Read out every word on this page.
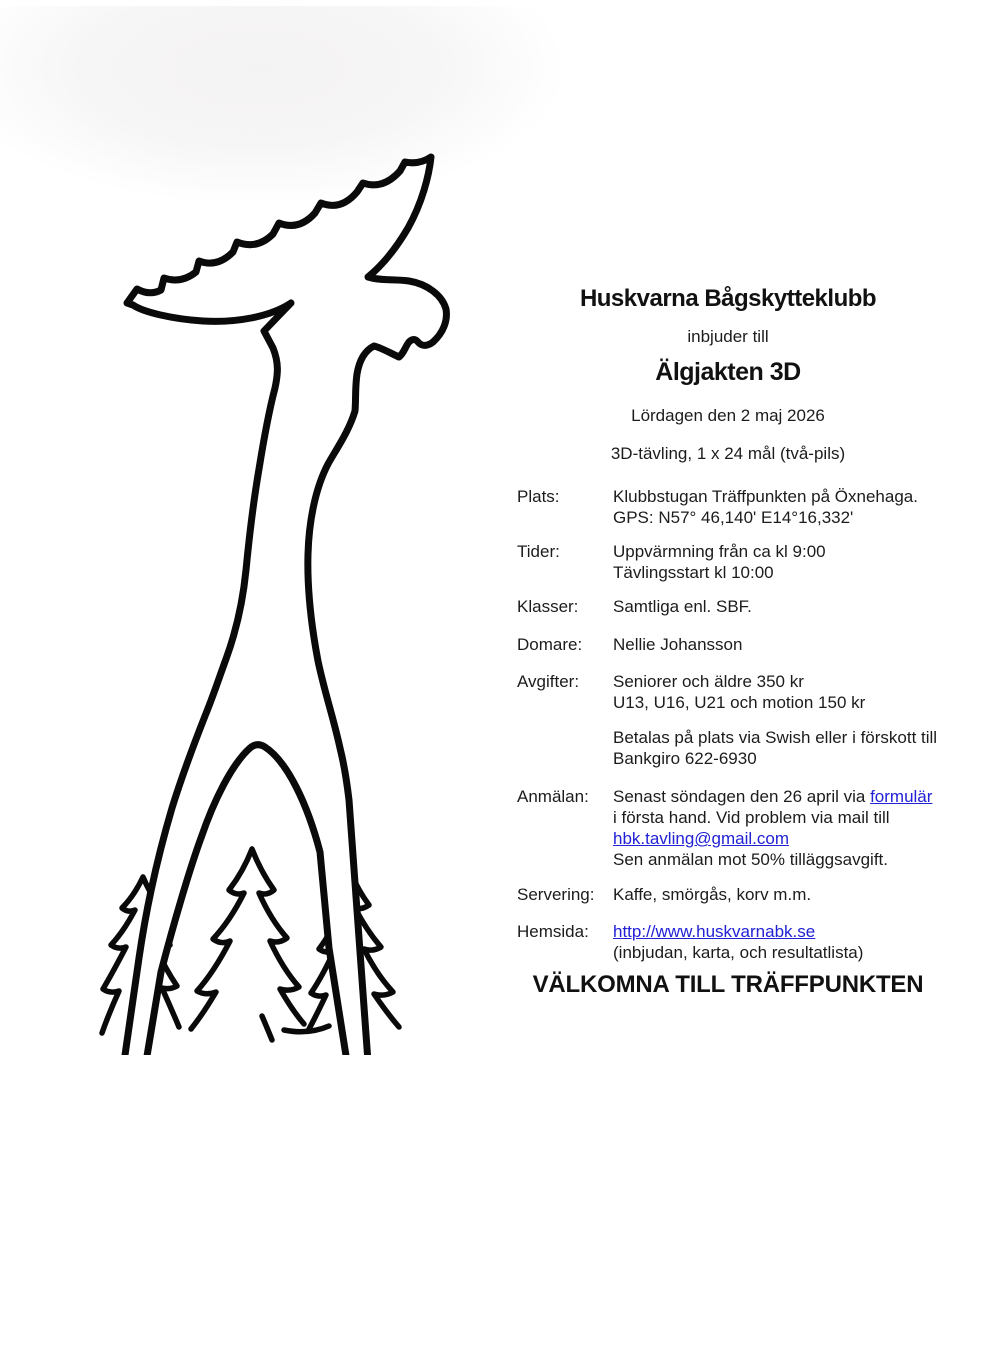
Huskvarna Bågskytteklubb
inbjuder till
Älgjakten 3D
Lördagen den 2 maj 2026
3D-tävling, 1 x 24 mål (två-pils)
Plats:	Klubbstugan Träffpunkten på Öxnehaga.
GPS: N57° 46,140' E14°16,332'
Tider:	Uppvärmning från ca kl 9:00
Tävlingsstart kl 10:00
Klasser:	Samtliga enl. SBF.
Domare:	Nellie Johansson
Avgifter:	Seniorer och äldre 350 kr
U13, U16, U21 och motion 150 kr
Betalas på plats via Swish eller i förskott till
Bankgiro 622-6930
Anmälan:	Senast söndagen den 26 april via formulär
i första hand. Vid problem via mail till
hbk.tavling@gmail.com
Sen anmälan mot 50% tilläggsavgift.
Servering:	Kaffe, smörgås, korv m.m.
Hemsida:	http://www.huskvarnabk.se
(inbjudan, karta, och resultatlista)
VÄLKOMNA TILL TRÄFFPUNKTEN
